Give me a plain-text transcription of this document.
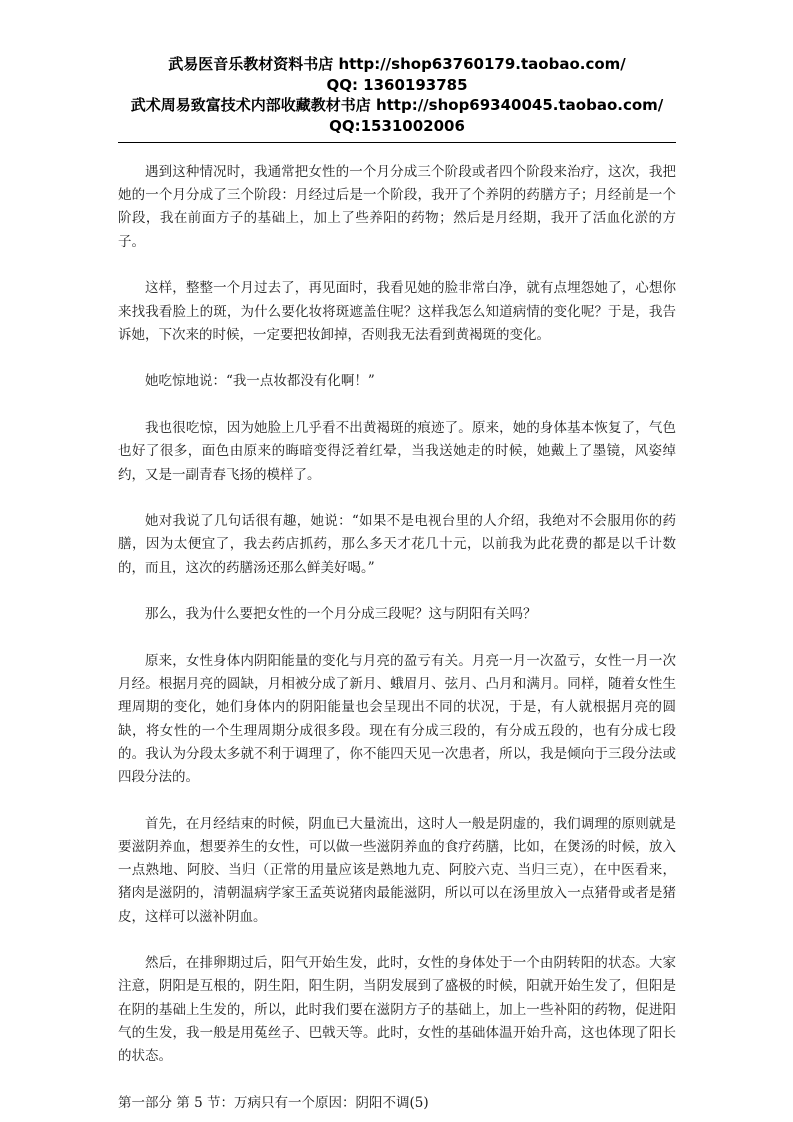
武易医音乐教材资料书店 http://shop63760179.taobao.com/
QQ: 1360193785
武术周易致富技术内部收藏教材书店 http://shop69340045.taobao.com/
QQ:1531002006

遇到这种情况时，我通常把女性的一个月分成三个阶段或者四个阶段来治疗，这次，我把她的一个月分成了三个阶段：月经过后是一个阶段，我开了个养阴的药膳方子；月经前是一个阶段，我在前面方子的基础上，加上了些养阳的药物；然后是月经期，我开了活血化淤的方子。

这样，整整一个月过去了，再见面时，我看见她的脸非常白净，就有点埋怨她了，心想你来找我看脸上的斑，为什么要化妆将斑遮盖住呢？这样我怎么知道病情的变化呢？于是，我告诉她，下次来的时候，一定要把妆卸掉，否则我无法看到黄褐斑的变化。

她吃惊地说：“我一点妆都没有化啊！”

我也很吃惊，因为她脸上几乎看不出黄褐斑的痕迹了。原来，她的身体基本恢复了，气色也好了很多，面色由原来的晦暗变得泛着红晕，当我送她走的时候，她戴上了墨镜，风姿绰约，又是一副青春飞扬的模样了。

她对我说了几句话很有趣，她说：“如果不是电视台里的人介绍，我绝对不会服用你的药膳，因为太便宜了，我去药店抓药，那么多天才花几十元，以前我为此花费的都是以千计数的，而且，这次的药膳汤还那么鲜美好喝。”

那么，我为什么要把女性的一个月分成三段呢？这与阴阳有关吗？

原来，女性身体内阴阳能量的变化与月亮的盈亏有关。月亮一月一次盈亏，女性一月一次月经。根据月亮的圆缺，月相被分成了新月、蛾眉月、弦月、凸月和满月。同样，随着女性生理周期的变化，她们身体内的阴阳能量也会呈现出不同的状况，于是，有人就根据月亮的圆缺，将女性的一个生理周期分成很多段。现在有分成三段的，有分成五段的，也有分成七段的。我认为分段太多就不利于调理了，你不能四天见一次患者，所以，我是倾向于三段分法或四段分法的。

首先，在月经结束的时候，阴血已大量流出，这时人一般是阴虚的，我们调理的原则就是要滋阴养血，想要养生的女性，可以做一些滋阴养血的食疗药膳，比如，在煲汤的时候，放入一点熟地、阿胶、当归（正常的用量应该是熟地九克、阿胶六克、当归三克），在中医看来，猪肉是滋阴的，清朝温病学家王孟英说猪肉最能滋阴，所以可以在汤里放入一点猪骨或者是猪皮，这样可以滋补阴血。

然后，在排卵期过后，阳气开始生发，此时，女性的身体处于一个由阴转阳的状态。大家注意，阴阳是互根的，阴生阳，阳生阴，当阴发展到了盛极的时候，阳就开始生发了，但阳是在阴的基础上生发的，所以，此时我们要在滋阴方子的基础上，加上一些补阳的药物，促进阳气的生发，我一般是用菟丝子、巴戟天等。此时，女性的基础体温开始升高，这也体现了阳长的状态。

第一部分 第 5 节：万病只有一个原因：阴阳不调(5)
